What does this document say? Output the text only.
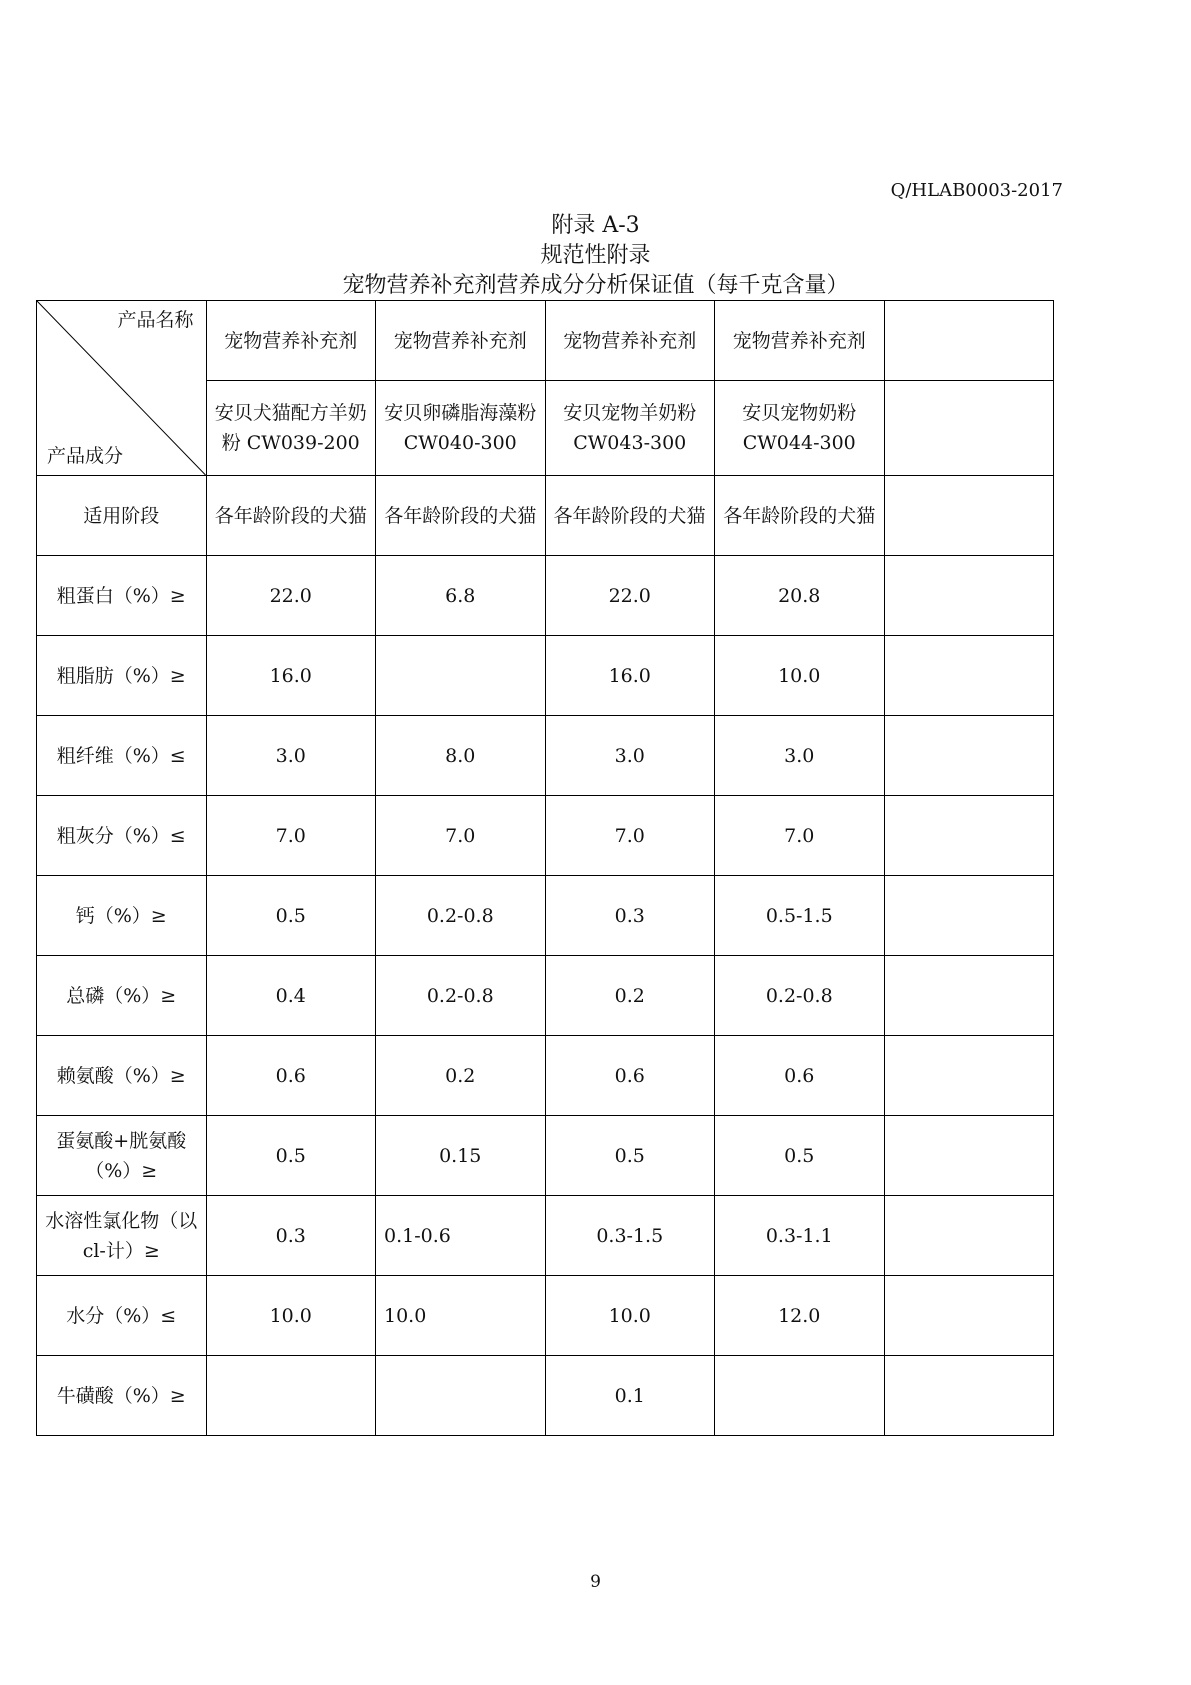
Q/HLAB0003-2017
附录 A-3
规范性附录
宠物营养补充剂营养成分分析保证值（每千克含量）
产品名称
产品成分	宠物营养补充剂	宠物营养补充剂	宠物营养补充剂	宠物营养补充剂	
	安贝犬猫配方羊奶粉 CW039-200	安贝卵磷脂海藻粉 CW040-300	安贝宠物羊奶粉 CW043-300	安贝宠物奶粉 CW044-300	
适用阶段	各年龄阶段的犬猫	各年龄阶段的犬猫	各年龄阶段的犬猫	各年龄阶段的犬猫	
粗蛋白（%）≥	22.0	6.8	22.0	20.8	
粗脂肪（%）≥	16.0		16.0	10.0	
粗纤维（%）≤	3.0	8.0	3.0	3.0	
粗灰分（%）≤	7.0	7.0	7.0	7.0	
钙（%）≥	0.5	0.2-0.8	0.3	0.5-1.5	
总磷（%）≥	0.4	0.2-0.8	0.2	0.2-0.8	
赖氨酸（%）≥	0.6	0.2	0.6	0.6	
蛋氨酸+胱氨酸（%）≥	0.5	0.15	0.5	0.5	
水溶性氯化物（以 cl-计）≥	0.3	0.1-0.6	0.3-1.5	0.3-1.1	
水分（%）≤	10.0	10.0	10.0	12.0	
牛磺酸（%）≥			0.1		
9
